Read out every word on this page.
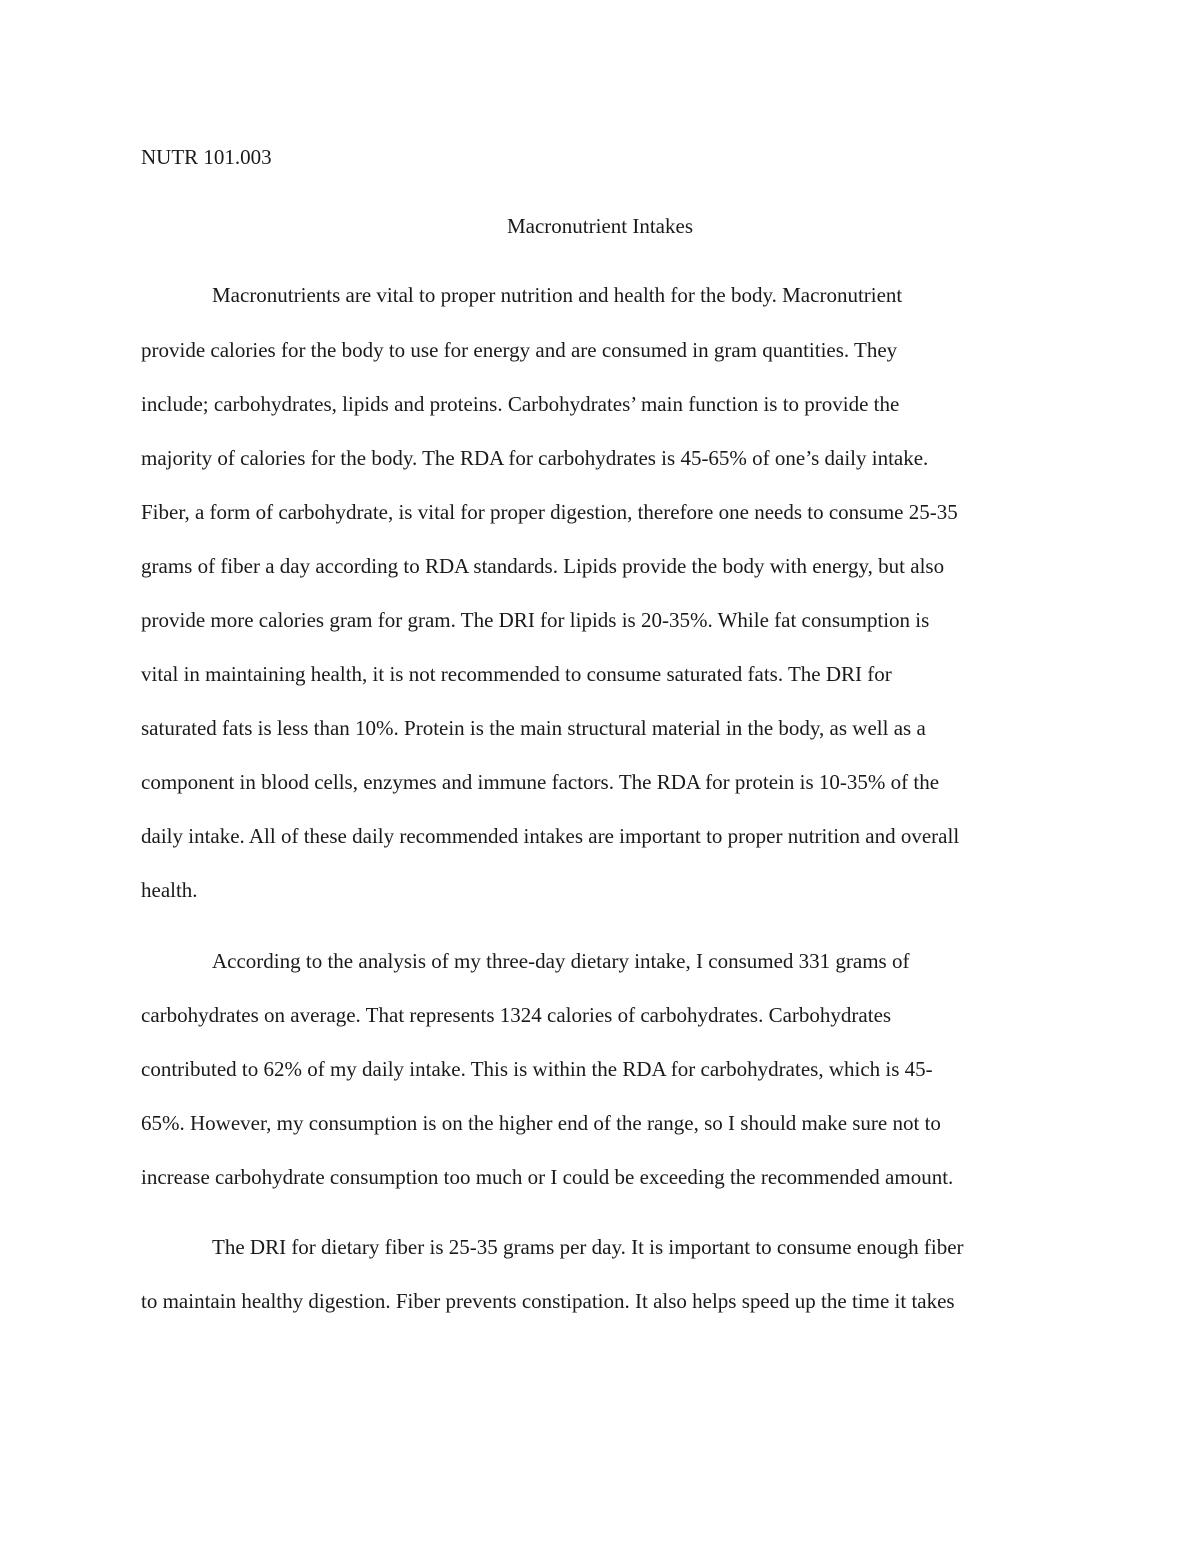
NUTR 101.003
Macronutrient Intakes
Macronutrients are vital to proper nutrition and health for the body. Macronutrient
provide calories for the body to use for energy and are consumed in gram quantities. They
include; carbohydrates, lipids and proteins. Carbohydrates’ main function is to provide the
majority of calories for the body. The RDA for carbohydrates is 45-65% of one’s daily intake.
Fiber, a form of carbohydrate, is vital for proper digestion, therefore one needs to consume 25-35
grams of fiber a day according to RDA standards. Lipids provide the body with energy, but also
provide more calories gram for gram. The DRI for lipids is 20-35%. While fat consumption is
vital in maintaining health, it is not recommended to consume saturated fats. The DRI for
saturated fats is less than 10%. Protein is the main structural material in the body, as well as a
component in blood cells, enzymes and immune factors. The RDA for protein is 10-35% of the
daily intake. All of these daily recommended intakes are important to proper nutrition and overall
health.
According to the analysis of my three-day dietary intake, I consumed 331 grams of
carbohydrates on average. That represents 1324 calories of carbohydrates. Carbohydrates
contributed to 62% of my daily intake. This is within the RDA for carbohydrates, which is 45-
65%. However, my consumption is on the higher end of the range, so I should make sure not to
increase carbohydrate consumption too much or I could be exceeding the recommended amount.
The DRI for dietary fiber is 25-35 grams per day. It is important to consume enough fiber
to maintain healthy digestion. Fiber prevents constipation. It also helps speed up the time it takes
